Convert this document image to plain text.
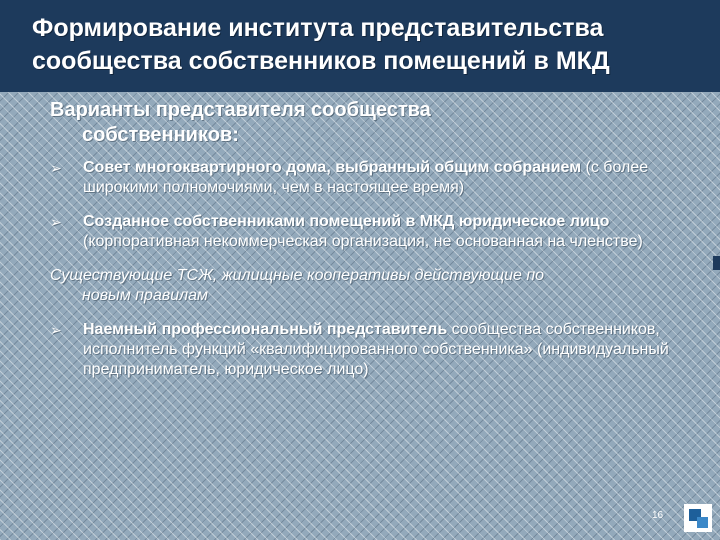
Формирование института представительства сообщества собственников помещений в МКД
Варианты представителя сообщества
собственников:
➢ Совет многоквартирного дома, выбранный общим собранием (с более широкими полномочиями, чем в настоящее время)
➢ Созданное собственниками помещений в МКД юридическое лицо (корпоративная некоммерческая организация, не основанная на членстве)
Существующие ТСЖ, жилищные кооперативы действующие по
новым правилам
➢ Наемный профессиональный представитель сообщества собственников, исполнитель функций «квалифицированного собственника» (индивидуальный предприниматель, юридическое лицо)
16
